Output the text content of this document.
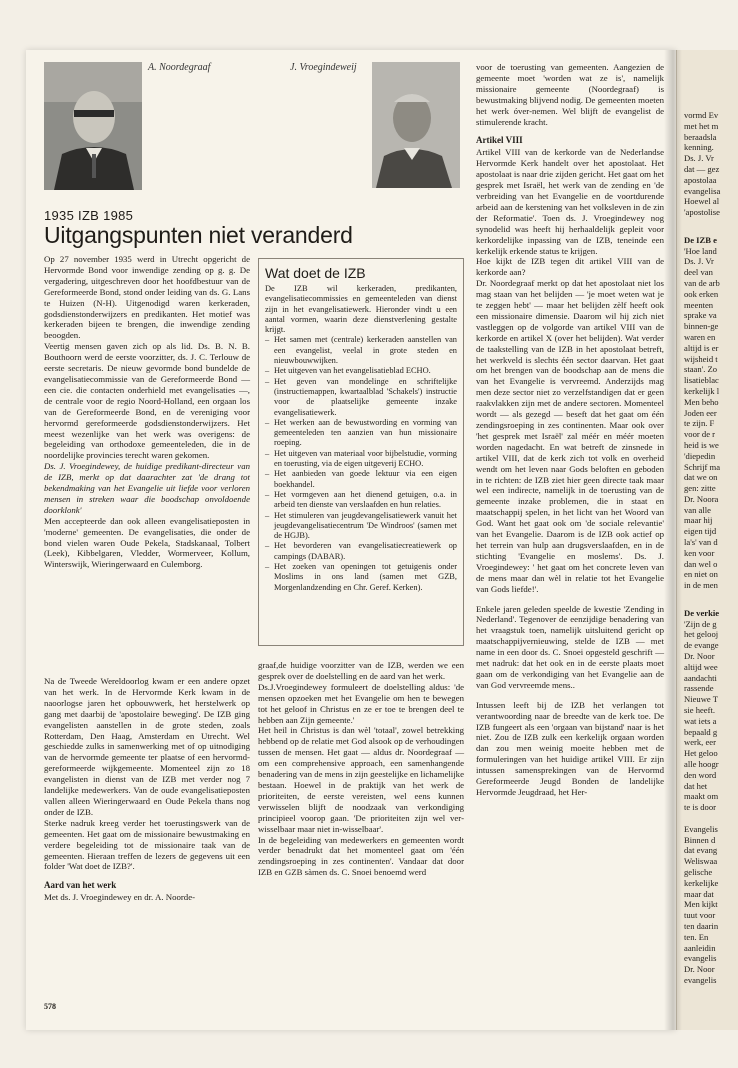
vormd Ev
met het m
beraadsla
kenning.
Ds. J. Vr
dat — gez
apostolaa
evangelisa
Hoewel al
'apostolise

De IZB e
'Hoe land
Ds. J. Vr
deel van
van de arb
ook erken
meenten
sprake va
binnen-ge
waren en
altijd is er
wijsheid t
staan'. Zo
lisatieblac
kerkelijk l
Men beho
Joden eer
te zijn. F
voor de r
heid is we
'diepedin
Schrijf ma
dat we on
gen: zitte
Dr. Noora
van alle
maar hij
eigen tijd
la's' van d
ken voor
dan wel o
en niet on
in de men

De verkie
'Zijn de g
het gelooj
de evange
Dr. Noor
altijd wee
aandachti
rassende
Nieuwe T
sie heeft.
wat iets a
bepaald g
werk, eer
Het geloo
alle hoogr
den word
dat het
maakt om
te is door

Evangelis
Binnen d
dat evang
Weliswaa
gelische
kerkelijke
maar dat
Men kijkt
tuut voor
ten daarin
ten. En
aanleidin
evangelis
Dr. Noor
evangelis
A. Noordegraaf	J. Vroegindeweij
1935 IZB 1985
Uitgangspunten niet veranderd

Op 27 november 1935 werd in Utrecht opgericht de Hervormde Bond voor inwendige zending op g. g. De vergadering, uitgeschreven door het hoofdbestuur van de Gereformeerde Bond, stond onder leiding van ds. G. Lans te Huizen (N-H). Uitgenodigd waren kerkeraden, godsdienstonderwijzers en predikanten. Het motief was kerkeraden bijeen te brengen, die inwendige zending beoogden.

Veertig mensen gaven zich op als lid. Ds. B. N. B. Bouthoorn werd de eerste voorzitter, ds. J. C. Terlouw de eerste secretaris. De nieuw gevormde bond bundelde de evangelisatiecommissie van de Gereformeerde Bond — een cie. die contacten onderhield met evangelisaties —, de centrale voor de regio Noord-Holland, een orgaan los van de Gereformeerde Bond, en de vereniging voor hervormd gereformeerde godsdienstonderwijzers. Het meest wezenlijke van het werk was overigens: de begeleiding van orthodoxe gemeenteleden, die in de noordelijke provincies terecht waren gekomen.

Ds. J. Vroegindewey, de huidige predikant-directeur van de IZB, merkt op dat daarachter zat 'de drang tot bekendmaking van het Evangelie uit liefde voor verloren mensen in streken waar die boodschap onvoldoende doorklonk'

Men accepteerde dan ook alleen evangelisatieposten in 'moderne' gemeenten. De evangelisaties, die onder de bond vielen waren Oude Pekela, Stadskanaal, Tolbert (Leek), Kibbelgaren, Vledder, Wormerveer, Kollum, Winterswijk, Wieringerwaard en Culemborg.

Na de Tweede Wereldoorlog kwam er een andere opzet van het werk. In de Hervormde Kerk kwam in de naoorlogse jaren het opbouwwerk, het herstelwerk op gang met daarbij de 'apostolaire beweging'. De IZB ging evangelisten aanstellen in de grote steden, zoals Rotterdam, Den Haag, Amsterdam en Utrecht. Wel geschiedde zulks in samenwerking met of op uitnodiging van de hervormde gemeente ter plaatse of een hervormd-gereformeerde wijkgemeente. Momenteel zijn zo 18 evangelisten in dienst van de IZB met verder nog 7 landelijke medewerkers. Van de oude evangelisatieposten vallen alleen Wieringerwaard en Oude Pekela thans nog onder de IZB.

Sterke nadruk kreeg verder het toerustingswerk van de gemeenten. Het gaat om de missionaire bewustmaking en verdere begeleiding tot de missionaire taak van de gemeenten. Hieraan treffen de lezers de gegevens uit een folder 'Wat doet de IZB?'.

Aard van het werk

Met ds. J. Vroegindewey en dr. A. Noorde-

Wat doet de IZB
De IZB wil kerkeraden, predikanten, evangelisatiecommissies en gemeenteleden van dienst zijn in het evangelisatiewerk. Hieronder vindt u een aantal vormen, waarin deze dienstverlening gestalte krijgt.
– Het samen met (centrale) kerkeraden aanstellen van een evangelist, veelal in grote steden en nieuwbouwwijken.
– Het uitgeven van het evangelisatieblad ECHO.
– Het geven van mondelinge en schriftelijke (instructiemappen, kwartaalblad 'Schakels') instructie voor de plaatselijke gemeente inzake evangelisatiewerk.
– Het werken aan de bewustwording en vorming van gemeenteleden ten aanzien van hun missionaire roeping.
– Het uitgeven van materiaal voor bijbelstudie, vorming en toerusting, via de eigen uitgeverij ECHO.
– Het aanbieden van goede lektuur via een eigen boekhandel.
– Het vormgeven aan het dienend getuigen, o.a. in arbeid ten dienste van verslaafden en hun relaties.
– Het stimuleren van jeugdevangelisatiewerk vanuit het jeugdevangelisatiecentrum 'De Windroos' (samen met de HGJB).
– Het bevorderen van evangelisatiecreatiewerk op campings (DABAR).
– Het zoeken van openingen tot getuigenis onder Moslims in ons land (samen met GZB, Morgenlandzending en Chr. Geref. Kerken).

graaf,de huidige voorzitter van de IZB, werden we een gesprek over de doelstelling en de aard van het werk.

Ds.J.Vroegindewey formuleert de doelstelling aldus: 'de mensen opzoeken met het Evangelie om hen te bewegen tot het geloof in Christus en ze er toe te brengen deel te hebben aan Zijn gemeente.'

Het heil in Christus is dan wèl 'totaal', zowel betrekking hebbend op de relatie met God alsook op de verhoudingen tussen de mensen. Het gaat — aldus dr. Noordegraaf — om een comprehensive approach, een samenhangende benadering van de mens in zijn geestelijke en lichamelijke bestaan. Hoewel in de praktijk van het werk de prioriteiten, de eerste vereisten, wel eens kunnen verwisselen blijft de noodzaak van verkondiging principieel voorop gaan. 'De prioriteiten zijn wel ver-wisselbaar maar niet in-wisselbaar'.

In de begeleiding van medewerkers en gemeenten wordt verder benadrukt dat het momenteel gaat om 'één zendingsroeping in zes continenten'. Vandaar dat door IZB en GZB sàmen ds. C. Snoei benoemd werd

voor de toerusting van gemeenten. Aangezien de gemeente moet 'worden wat ze is', namelijk missionaire gemeente (Noordegraaf) is bewustmaking blijvend nodig. De gemeenten moeten het werk óver-nemen. Wel blijft de evangelist de stimulerende kracht.

Artikel VIII

Artikel VIII van de kerkorde van de Nederlandse Hervormde Kerk handelt over het apostolaat. Het apostolaat is naar drie zijden gericht. Het gaat om het gesprek met Israël, het werk van de zending en 'de verbreiding van het Evangelie en de voortdurende arbeid aan de kerstening van het volksleven in de zin der Reformatie'. Toen ds. J. Vroegindewey nog synodelid was heeft hij herhaaldelijk gepleit voor kerkordelijke inpassing van de IZB, teneinde een kerkelijk erkende status te krijgen.

Hoe kijkt de IZB tegen dit artikel VIII van de kerkorde aan?

Dr. Noordegraaf merkt op dat het apostolaat niet los mag staan van het belijden — 'je moet weten wat je te zeggen hebt' — maar het belijden zèlf heeft ook een missionaire dimensie. Daarom wil hij zich niet vastleggen op de volgorde van artikel VIII van de kerkorde en artikel X (over het belijden). Wat verder de taakstelling van de IZB in het apostolaat betreft, het werkveld is slechts één sector daarvan. Het gaat om het brengen van de boodschap aan de mens die van het Evangelie is vervreemd. Anderzijds mag men deze sector niet zo verzelfstandigen dat er geen raakvlakken zijn met de andere sectoren. Momenteel wordt — als gezegd — beseft dat het gaat om één zendingsroeping in zes continenten. Maar ook over 'het gesprek met Israël' zal méér en méér moeten worden nagedacht. En wat betreft de zinsnede in artikel VIII, dat de kerk zich tot volk en overheid wendt om het leven naar Gods beloften en geboden in te richten: de IZB ziet hier geen directe taak maar wel een indirecte, namelijk in de toerusting van de gemeente inzake problemen, die in staat en maatschappij spelen, in het licht van het Woord van God. Want het gaat ook om 'de sociale relevantie' van het Evangelie. Daarom is de IZB ook actief op het terrein van hulp aan drugsverslaafden, en in de stichting 'Evangelie en moslems'. Ds. J. Vroegindewey: ' het gaat om het concrete leven van de mens maar dan wèl in relatie tot het Evangelie van Gods liefde!'.

Enkele jaren geleden speelde de kwestie 'Zending in Nederland'. Tegenover de eenzijdige benadering van het vraagstuk toen, namelijk uitsluitend gericht op maatschappijvernieuwing, stelde de IZB — met name in een door ds. C. Snoei opgesteld geschrift — met nadruk: dat het ook en in de eerste plaats moet gaan om de verkondiging van het Evangelie aan de van God vervreemde mens..

Intussen leeft bij de IZB het verlangen tot verantwoording naar de breedte van de kerk toe. De IZB fungeert als een 'orgaan van bijstand' naar is het niet. Zou de IZB zulk een kerkelijk orgaan worden dan zou men weinig moeite hebben met de formuleringen van het huidige artikel VIII. Er zijn intussen samensprekingen van de Hervormd Gereformeerde Jeugd Bonden de landelijke Hervormde Jeugdraad, het Her-

578
